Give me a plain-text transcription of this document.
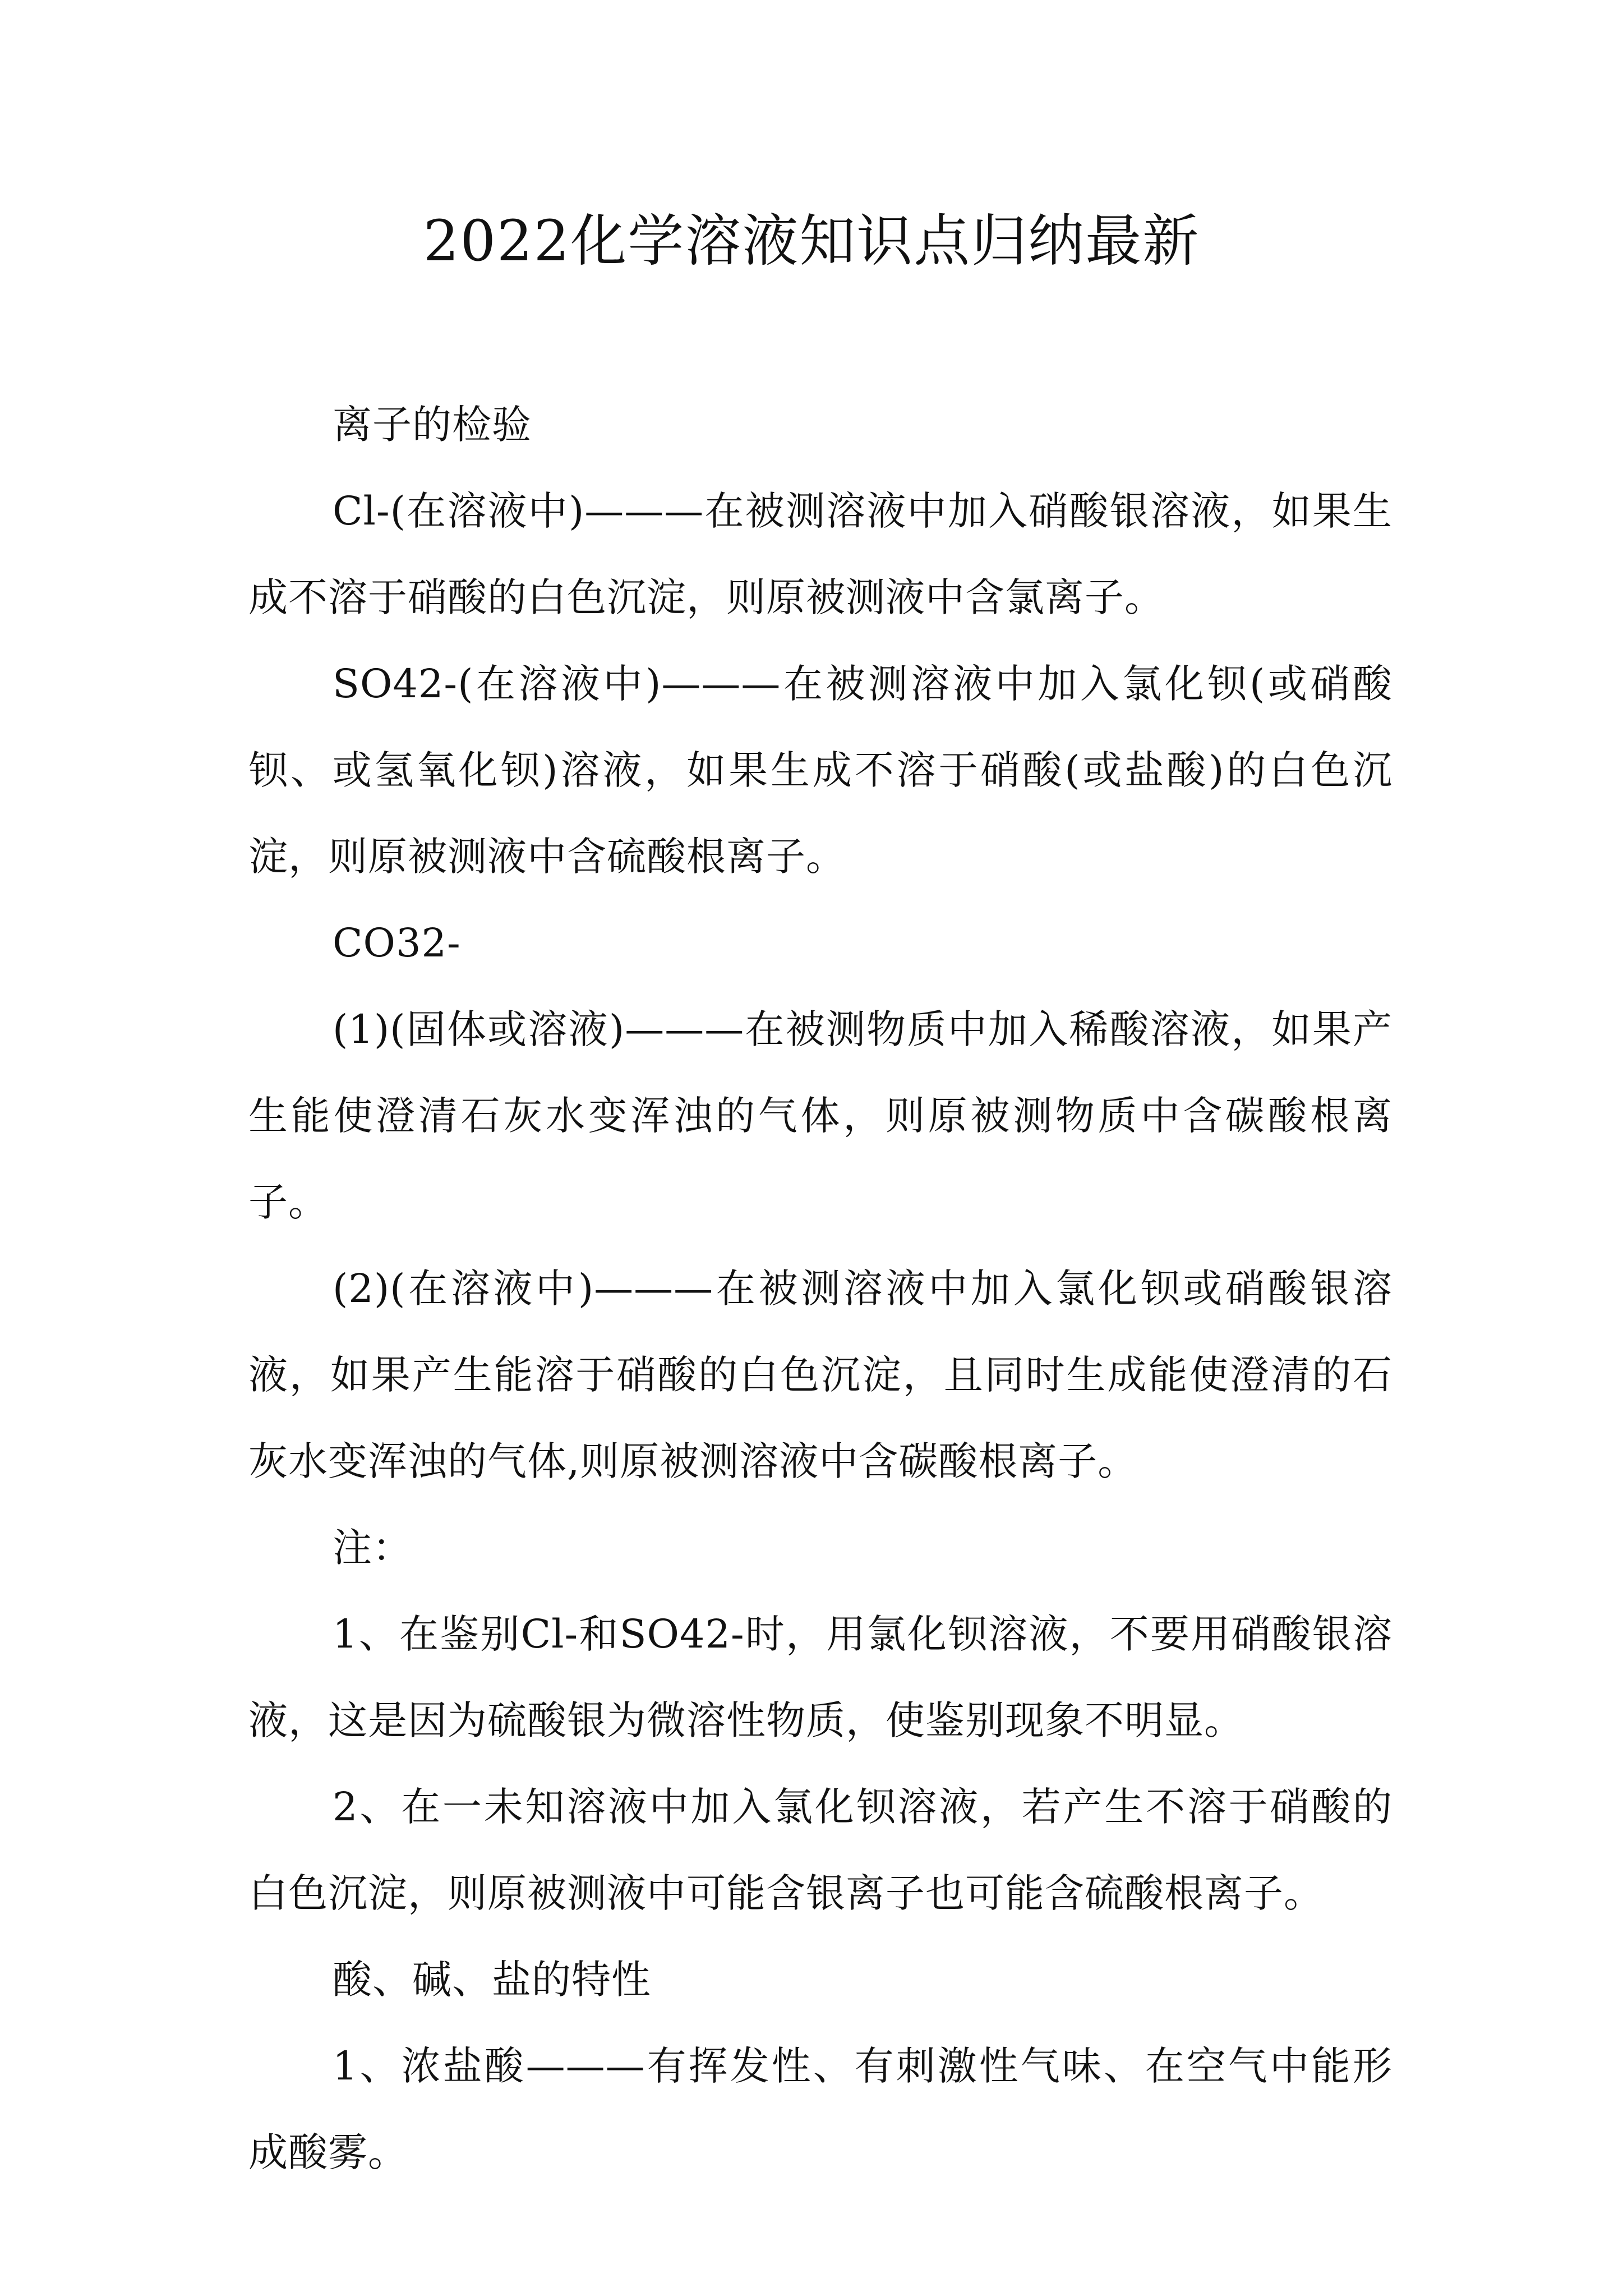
2022化学溶液知识点归纳最新

离子的检验

Cl-(在溶液中)———在被测溶液中加入硝酸银溶液，如果生成不溶于硝酸的白色沉淀，则原被测液中含氯离子。

SO42-(在溶液中)———在被测溶液中加入氯化钡(或硝酸钡、或氢氧化钡)溶液，如果生成不溶于硝酸(或盐酸)的白色沉淀，则原被测液中含硫酸根离子。

CO32-

(1)(固体或溶液)———在被测物质中加入稀酸溶液，如果产生能使澄清石灰水变浑浊的气体，则原被测物质中含碳酸根离子。

(2)(在溶液中)———在被测溶液中加入氯化钡或硝酸银溶液，如果产生能溶于硝酸的白色沉淀，且同时生成能使澄清的石灰水变浑浊的气体,则原被测溶液中含碳酸根离子。

注：

1、在鉴别Cl-和SO42-时，用氯化钡溶液，不要用硝酸银溶液，这是因为硫酸银为微溶性物质，使鉴别现象不明显。

2、在一未知溶液中加入氯化钡溶液，若产生不溶于硝酸的白色沉淀，则原被测液中可能含银离子也可能含硫酸根离子。

酸、碱、盐的特性

1、浓盐酸———有挥发性、有刺激性气味、在空气中能形成酸雾。
